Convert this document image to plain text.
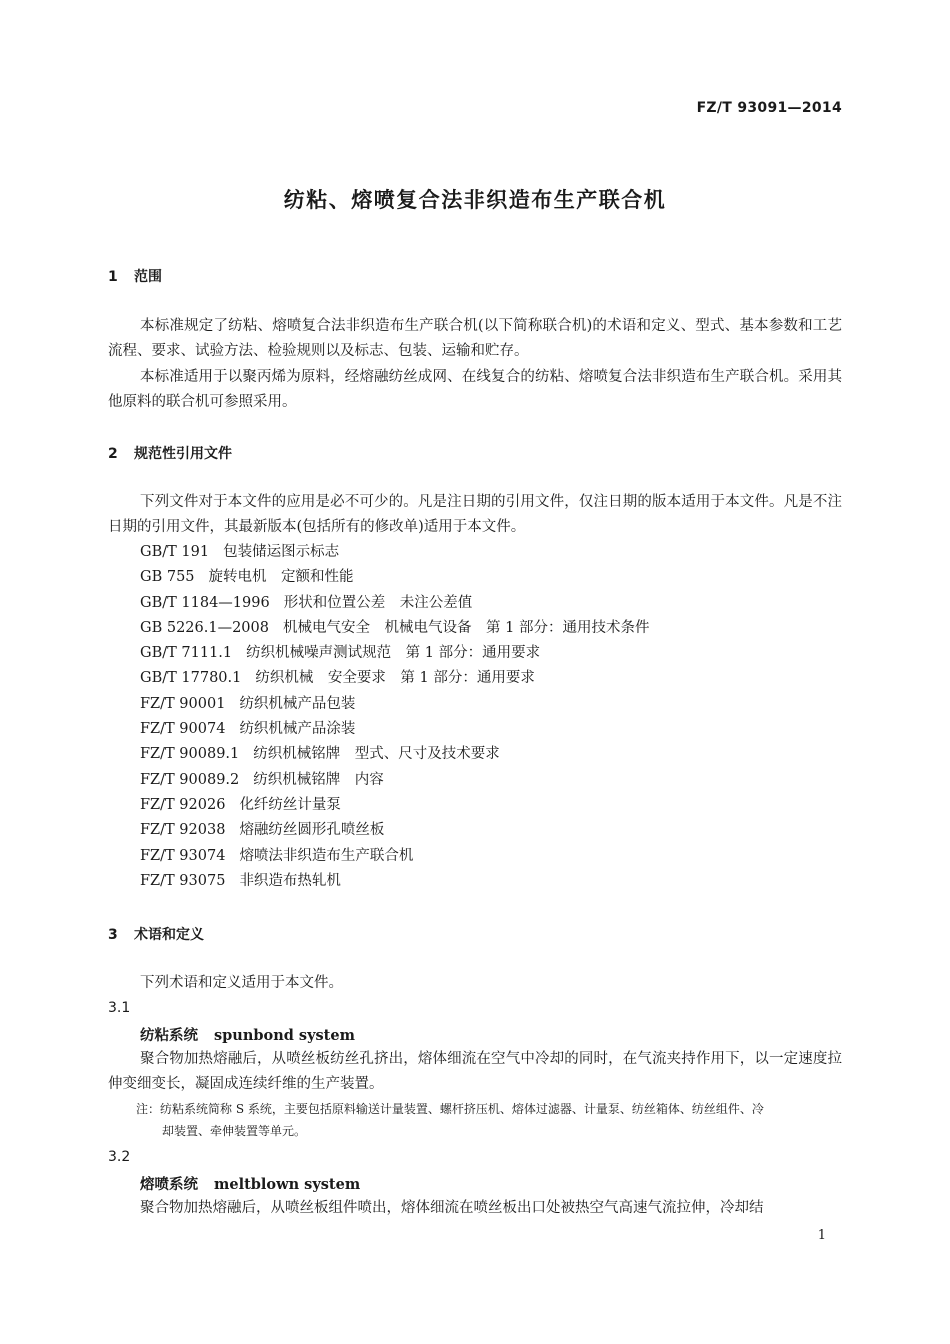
FZ/T 93091—2014
纺粘、熔喷复合法非织造布生产联合机
1 范围

本标准规定了纺粘、熔喷复合法非织造布生产联合机(以下简称联合机)的术语和定义、型式、基本参数和工艺流程、要求、试验方法、检验规则以及标志、包装、运输和贮存。

本标准适用于以聚丙烯为原料，经熔融纺丝成网、在线复合的纺粘、熔喷复合法非织造布生产联合机。采用其他原料的联合机可参照采用。

2 规范性引用文件

下列文件对于本文件的应用是必不可少的。凡是注日期的引用文件，仅注日期的版本适用于本文件。凡是不注日期的引用文件，其最新版本(包括所有的修改单)适用于本文件。

GB/T 191 包装储运图示标志
GB 755 旋转电机　定额和性能
GB/T 1184—1996 形状和位置公差　未注公差值
GB 5226.1—2008 机械电气安全　机械电气设备　第 1 部分：通用技术条件
GB/T 7111.1 纺织机械噪声测试规范　第 1 部分：通用要求
GB/T 17780.1 纺织机械　安全要求　第 1 部分：通用要求
FZ/T 90001 纺织机械产品包装
FZ/T 90074 纺织机械产品涂装
FZ/T 90089.1 纺织机械铭牌　型式、尺寸及技术要求
FZ/T 90089.2 纺织机械铭牌　内容
FZ/T 92026 化纤纺丝计量泵
FZ/T 92038 熔融纺丝圆形孔喷丝板
FZ/T 93074 熔喷法非织造布生产联合机
FZ/T 93075 非织造布热轧机
3 术语和定义

下列术语和定义适用于本文件。

3.1
纺粘系统 spunbond system

聚合物加热熔融后，从喷丝板纺丝孔挤出，熔体细流在空气中冷却的同时，在气流夹持作用下，以一定速度拉伸变细变长，凝固成连续纤维的生产装置。

注：纺粘系统简称 S 系统，主要包括原料输送计量装置、螺杆挤压机、熔体过滤器、计量泵、纺丝箱体、纺丝组件、冷
却装置、牵伸装置等单元。

3.2
熔喷系统 meltblown system

聚合物加热熔融后，从喷丝板组件喷出，熔体细流在喷丝板出口处被热空气高速气流拉伸，冷却结

1
